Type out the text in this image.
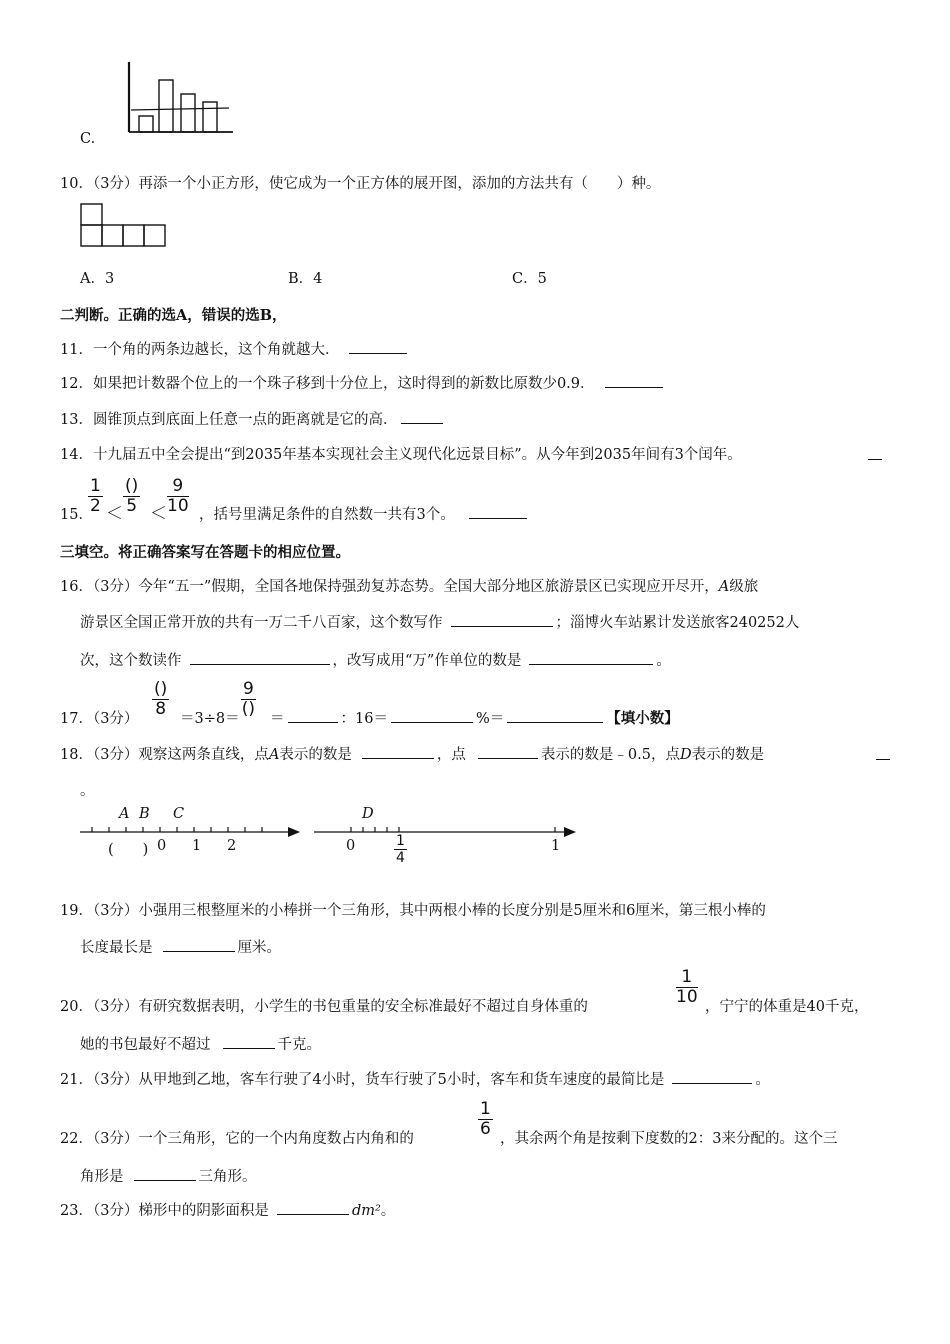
C.
10．（3分）再添一个小正方形，使它成为一个正方体的展开图，添加的方法共有（　　）种。
A．3	B．4	C．5
二判断。正确的选A，错误的选B，
11．一个角的两条边越长，这个角就越大．
12．如果把计数器个位上的一个珠子移到十分位上，这时得到的新数比原数少0.9．
13．圆锥顶点到底面上任意一点的距离就是它的高．
14．十九届五中全会提出“到2035年基本实现社会主义现代化远景目标”。从今年到2035年间有3个闰年。
15．
$\frac{1}{2}$ ＜
()
$5 < \frac{9}{10}$ ，括号里满足条件的自然数一共有3个。
三填空。将正确答案写在答题卡的相应位置。
16．（3分）今年“五一”假期，全国各地保持强劲复苏态势。全国大部分地区旅游景区已实现应开尽开，A级旅
游景区全国正常开放的共有一万二千八百家，这个数写作	；淄博火车站累计发送旅客240252人
次，这个数读作	，改写成用“万”作单位的数是	。
17．（3分）
()
8 ＝3÷8＝
9
() ＝	：16＝	%＝	【填小数】
18．（3分）观察这两条直线，点A表示的数是	，点	表示的数是﹣0.5，点D表示的数是
。
A B C
(　　) 0 1 2
D
0	$\frac{1}{4}$	1
19．（3分）小强用三根整厘米的小棒拼一个三角形，其中两根小棒的长度分别是5厘米和6厘米，第三根小棒的
长度最长是	厘米。
20．（3分）有研究数据表明，小学生的书包重量的安全标准最好不超过自身体重的	$\frac{1}{10}$ ，宁宁的体重是40千克，
她的书包最好不超过	千克。
21．（3分）从甲地到乙地，客车行驶了4小时，货车行驶了5小时，客车和货车速度的最简比是	。
22．（3分）一个三角形，它的一个内角度数占内角和的	$\frac{1}{6}$ ，其余两个角是按剩下度数的2：3来分配的。这个三
角形是	三角形。
23．（3分）梯形中的阴影面积是	dm²。
